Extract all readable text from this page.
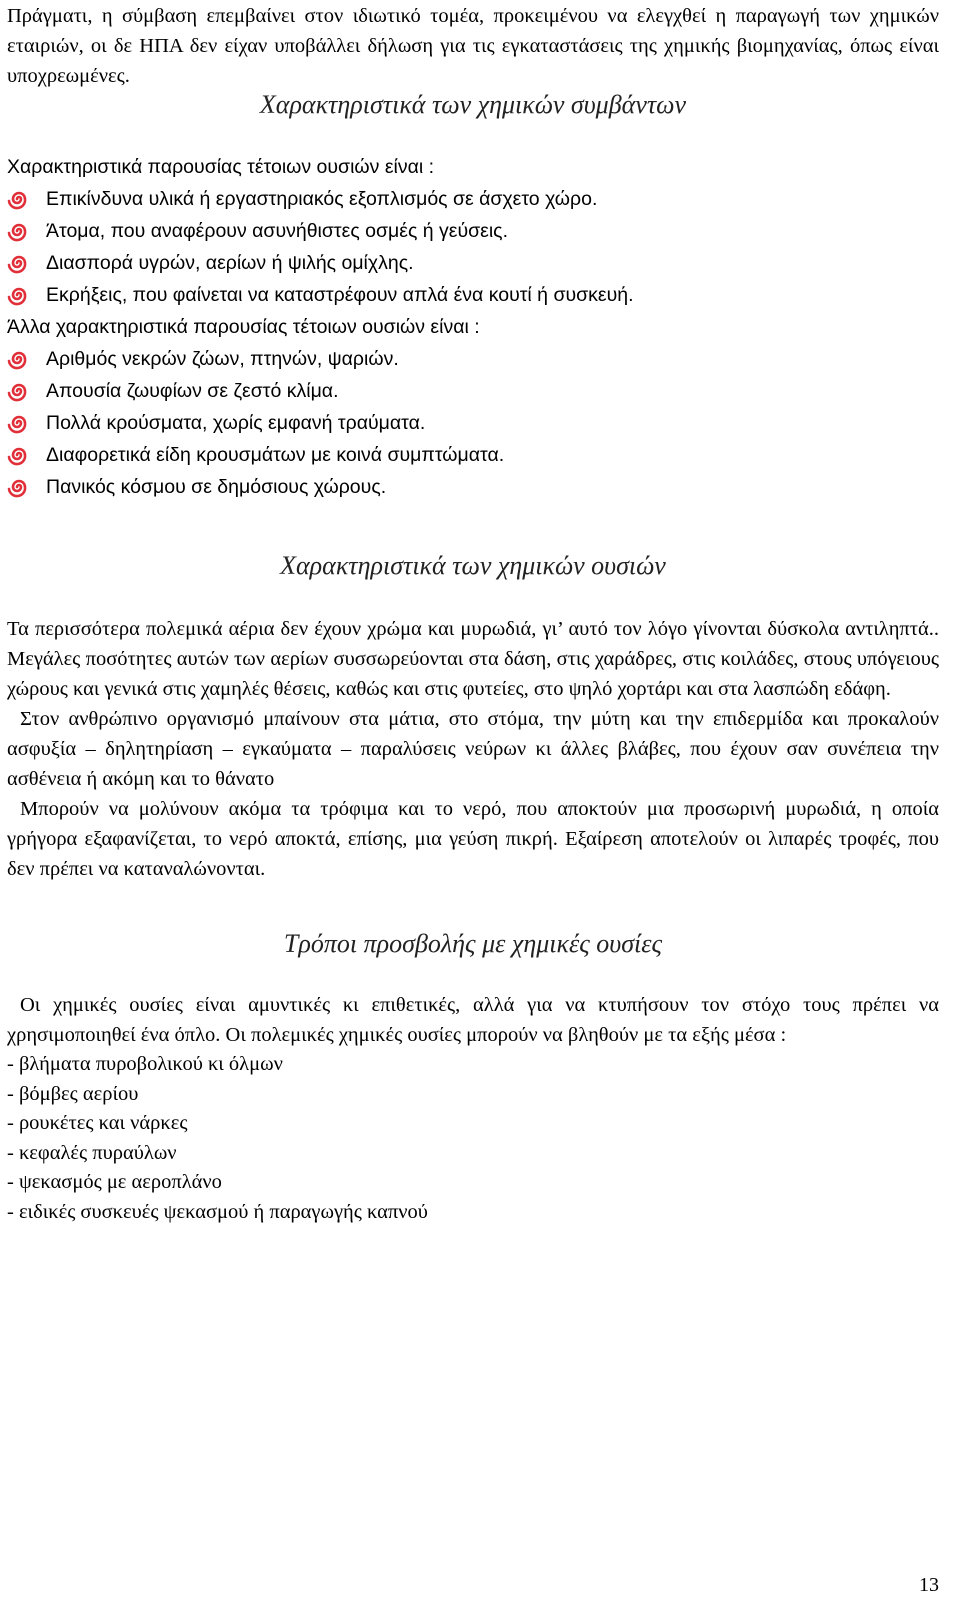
Πράγματι, η σύμβαση επεμβαίνει στον ιδιωτικό τομέα, προκειμένου να ελεγχθεί η παραγωγή των χημικών εταιριών, οι δε ΗΠΑ δεν είχαν υποβάλλει δήλωση για τις εγκαταστάσεις της χημικής βιομηχανίας, όπως είναι υποχρεωμένες.

Χαρακτηριστικά των χημικών συμβάντων
Χαρακτηριστικά παρουσίας τέτοιων ουσιών είναι :
Επικίνδυνα υλικά ή εργαστηριακός εξοπλισμός σε άσχετο χώρο.
Άτομα, που αναφέρουν ασυνήθιστες οσμές ή γεύσεις.
Διασπορά υγρών, αερίων ή ψιλής ομίχλης.
Εκρήξεις, που φαίνεται να καταστρέφουν απλά ένα κουτί ή συσκευή.
Άλλα χαρακτηριστικά παρουσίας τέτοιων ουσιών είναι :
Αριθμός νεκρών ζώων, πτηνών, ψαριών.
Απουσία ζωυφίων σε ζεστό κλίμα.
Πολλά κρούσματα, χωρίς εμφανή τραύματα.
Διαφορετικά είδη κρουσμάτων με κοινά συμπτώματα.
Πανικός κόσμου σε δημόσιους χώρους.
Χαρακτηριστικά των χημικών ουσιών

Τα περισσότερα πολεμικά αέρια δεν έχουν χρώμα και μυρωδιά, γι’ αυτό τον λόγο γίνονται δύσκολα αντιληπτά.. Μεγάλες ποσότητες αυτών των αερίων συσσωρεύονται στα δάση, στις χαράδρες, στις κοιλάδες, στους υπόγειους χώρους και γενικά στις χαμηλές θέσεις, καθώς και στις φυτείες, στο ψηλό χορτάρι και στα λασπώδη εδάφη.

Στον ανθρώπινο οργανισμό μπαίνουν στα μάτια, στο στόμα, την μύτη και την επιδερμίδα και προκαλούν ασφυξία – δηλητηρίαση – εγκαύματα – παραλύσεις νεύρων κι άλλες βλάβες, που έχουν σαν συνέπεια την ασθένεια ή ακόμη και το θάνατο

Μπορούν να μολύνουν ακόμα τα τρόφιμα και το νερό, που αποκτούν μια προσωρινή μυρωδιά, η οποία γρήγορα εξαφανίζεται, το νερό αποκτά, επίσης, μια γεύση πικρή. Εξαίρεση αποτελούν οι λιπαρές τροφές, που δεν πρέπει να καταναλώνονται.

Τρόποι προσβολής με χημικές ουσίες

Οι χημικές ουσίες είναι αμυντικές κι επιθετικές, αλλά για να κτυπήσουν τον στόχο τους πρέπει να χρησιμοποιηθεί ένα όπλο. Οι πολεμικές χημικές ουσίες μπορούν να βληθούν με τα εξής μέσα :

- βλήματα πυροβολικού κι όλμων
- βόμβες αερίου
- ρουκέτες και νάρκες
- κεφαλές πυραύλων
- ψεκασμός με αεροπλάνο
- ειδικές συσκευές ψεκασμού ή παραγωγής καπνού
13
